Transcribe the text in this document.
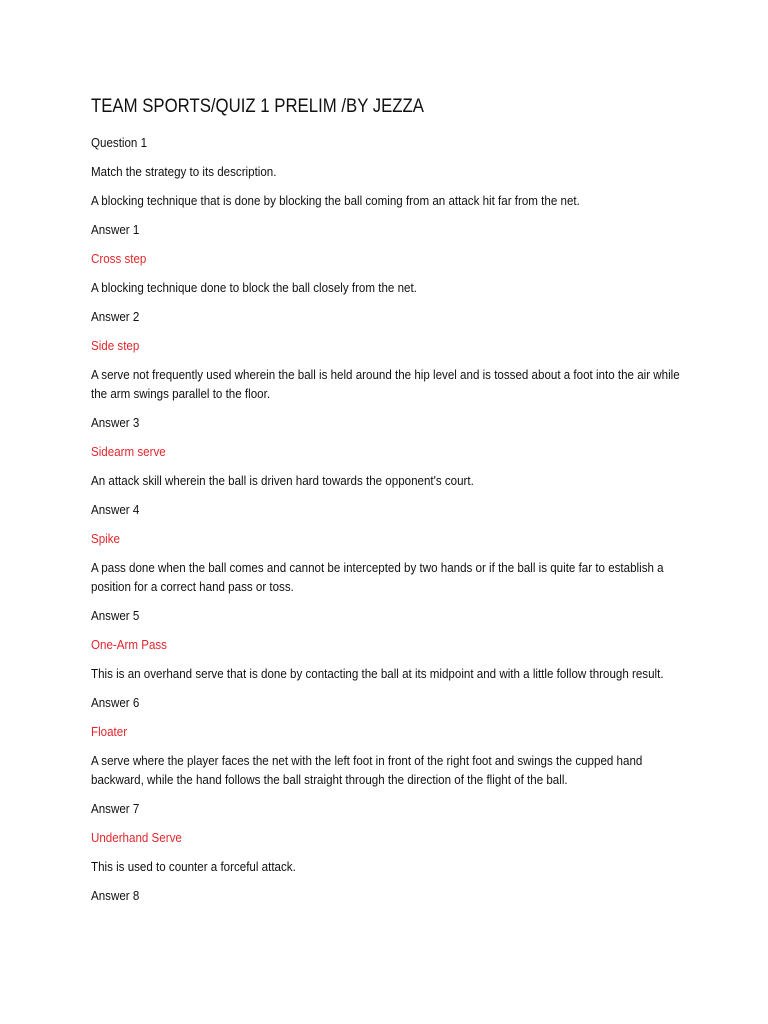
TEAM SPORTS/QUIZ 1 PRELIM /BY JEZZA
Question 1
Match the strategy to its description.
A blocking technique that is done by blocking the ball coming from an attack hit far from the net.
Answer 1
Cross step
A blocking technique done to block the ball closely from the net.
Answer 2
Side step
A serve not frequently used wherein the ball is held around the hip level and is tossed about a foot into the air while the arm swings parallel to the floor.
Answer 3
Sidearm serve
An attack skill wherein the ball is driven hard towards the opponent's court.
Answer 4
Spike
A pass done when the ball comes and cannot be intercepted by two hands or if the ball is quite far to establish a position for a correct hand pass or toss.
Answer 5
One-Arm Pass
This is an overhand serve that is done by contacting the ball at its midpoint and with a little follow through result.
Answer 6
Floater
A serve where the player faces the net with the left foot in front of the right foot and swings the cupped hand backward, while the hand follows the ball straight through the direction of the flight of the ball.
Answer 7
Underhand Serve
This is used to counter a forceful attack.
Answer 8
